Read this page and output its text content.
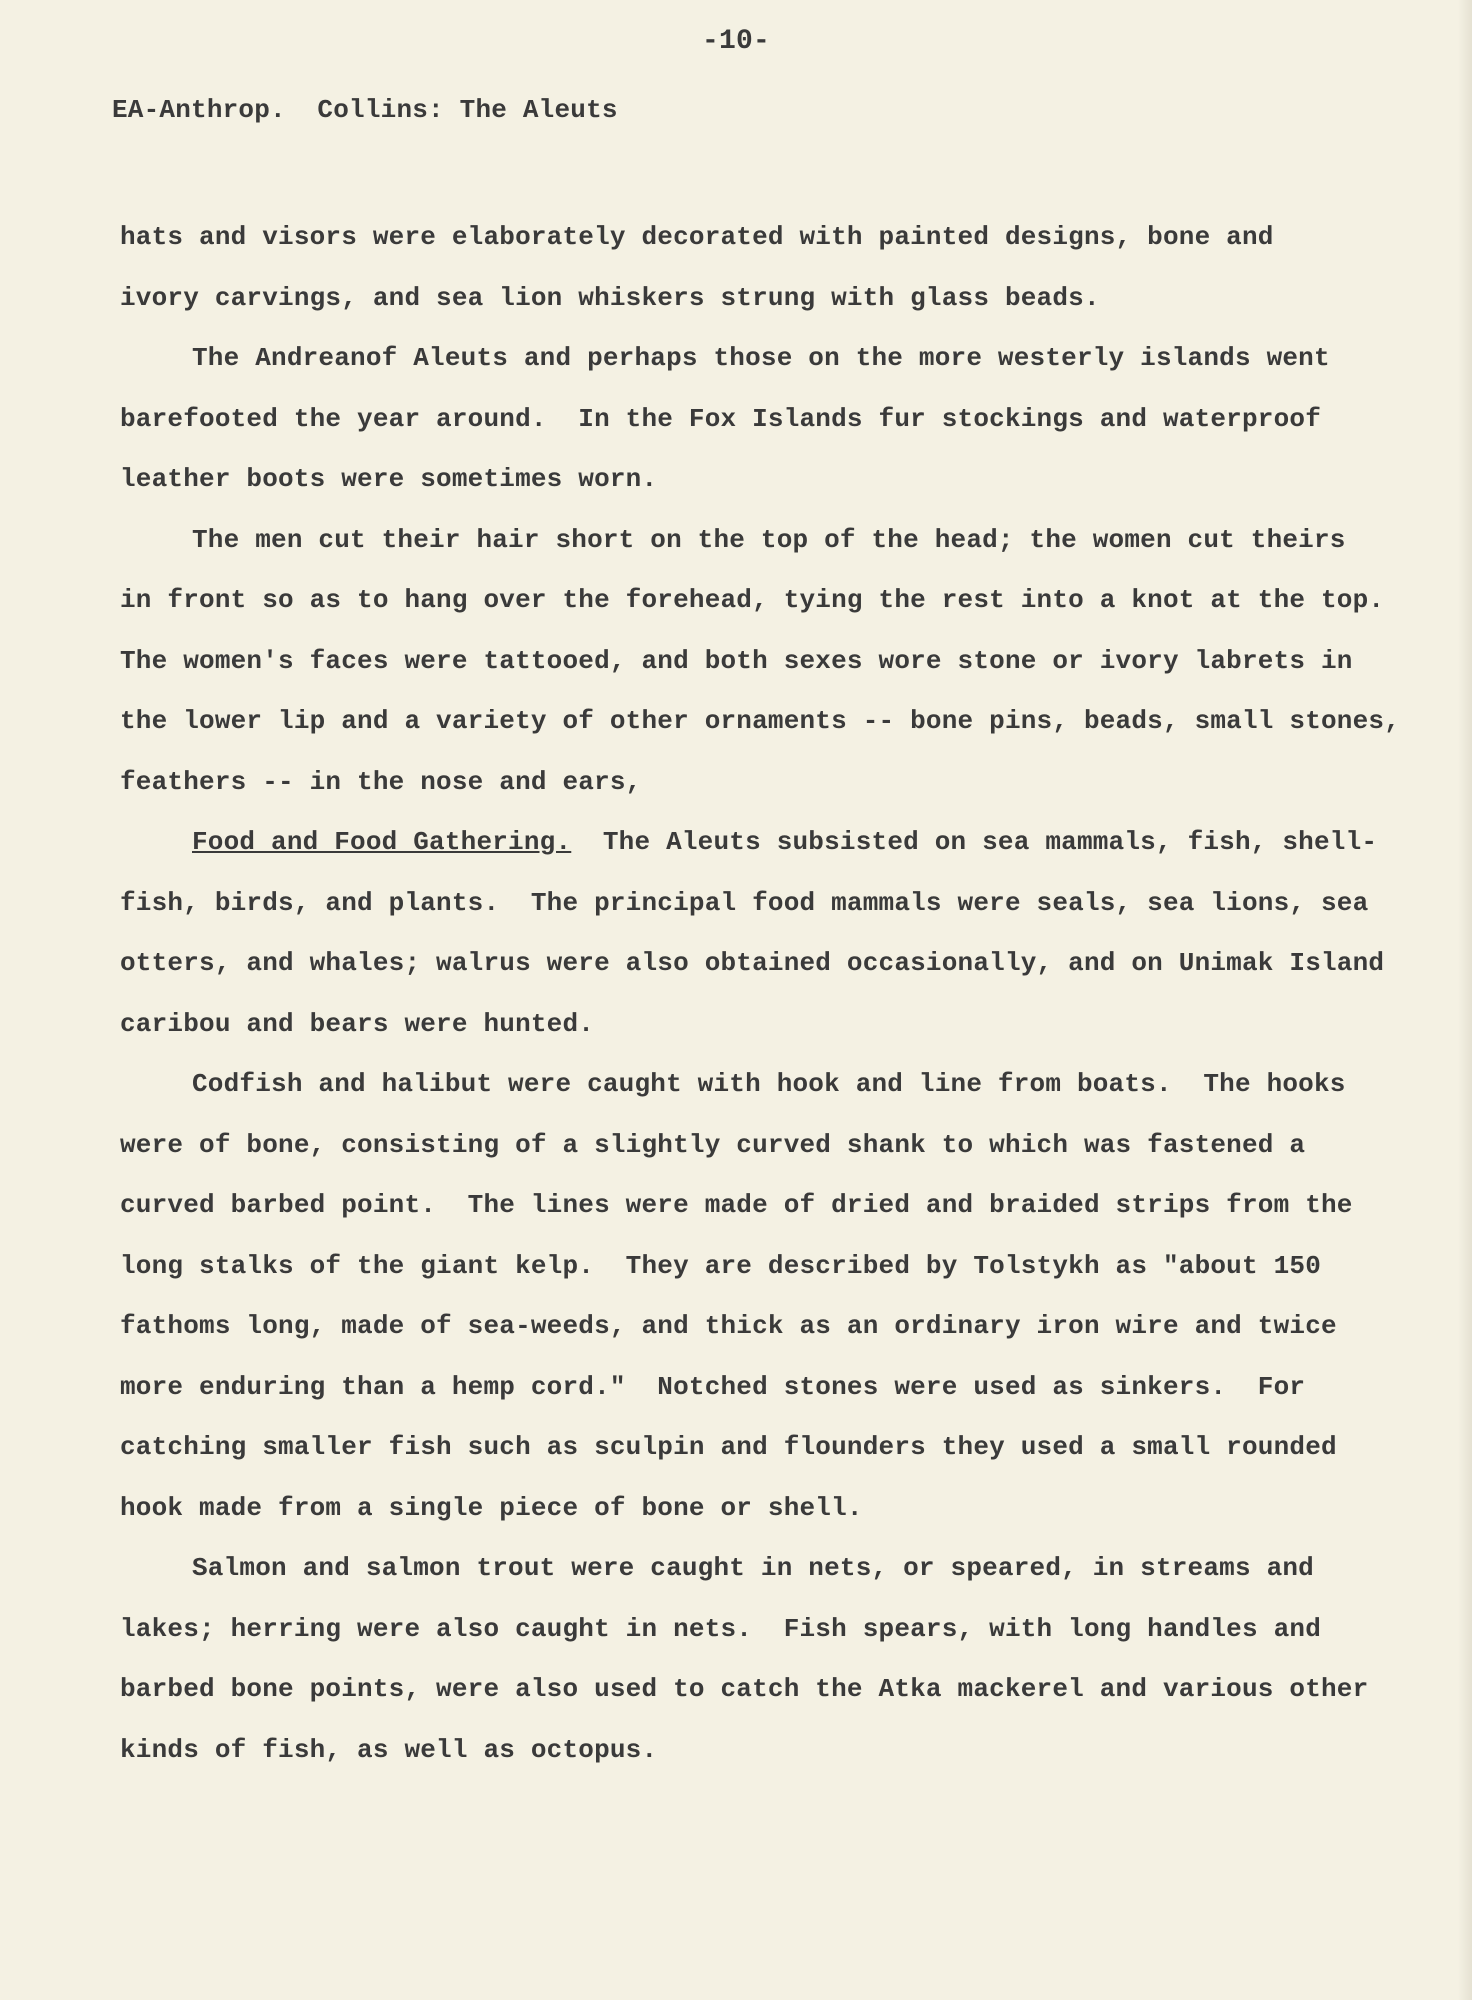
-10-
EA-Anthrop.  Collins: The Aleuts

hats and visors were elaborately decorated with painted designs, bone and
ivory carvings, and sea lion whiskers strung with glass beads.

The Andreanof Aleuts and perhaps those on the more westerly islands went
barefooted the year around.  In the Fox Islands fur stockings and waterproof
leather boots were sometimes worn.

The men cut their hair short on the top of the head; the women cut theirs
in front so as to hang over the forehead, tying the rest into a knot at the top.
The women's faces were tattooed, and both sexes wore stone or ivory labrets in
the lower lip and a variety of other ornaments -- bone pins, beads, small stones,
feathers -- in the nose and ears,

Food and Food Gathering.  The Aleuts subsisted on sea mammals, fish, shell-
fish, birds, and plants.  The principal food mammals were seals, sea lions, sea
otters, and whales; walrus were also obtained occasionally, and on Unimak Island
caribou and bears were hunted.

Codfish and halibut were caught with hook and line from boats.  The hooks
were of bone, consisting of a slightly curved shank to which was fastened a
curved barbed point.  The lines were made of dried and braided strips from the
long stalks of the giant kelp.  They are described by Tolstykh as "about 150
fathoms long, made of sea-weeds, and thick as an ordinary iron wire and twice
more enduring than a hemp cord."  Notched stones were used as sinkers.  For
catching smaller fish such as sculpin and flounders they used a small rounded
hook made from a single piece of bone or shell.

Salmon and salmon trout were caught in nets, or speared, in streams and
lakes; herring were also caught in nets.  Fish spears, with long handles and
barbed bone points, were also used to catch the Atka mackerel and various other
kinds of fish, as well as octopus.
